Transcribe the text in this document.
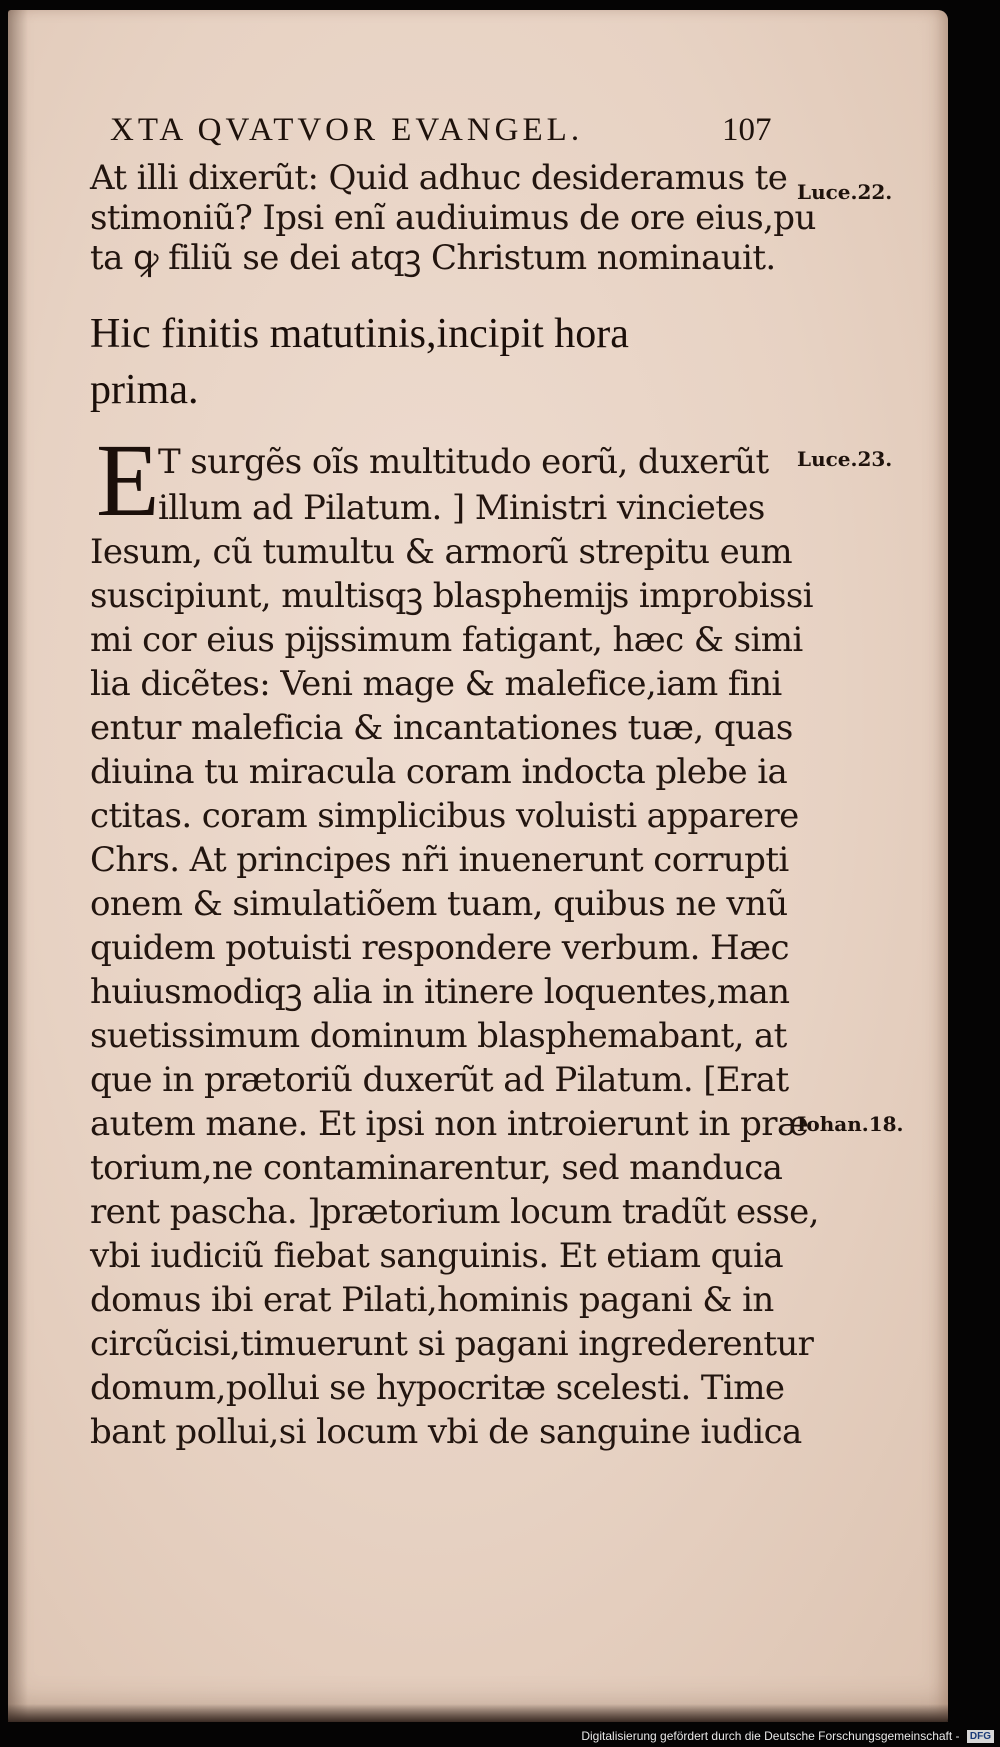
XTA QVATVOR EVANGEL.	107
At illi dixerũt: Quid adhuc desideramus te
stimoniũ? Ipsi enĩ audiuimus de ore eius,pu
ta ꝙ filiũ se dei atqꝫ Christum nominauit.
Hic finitis matutinis,incipit hora
prima.
E
T surgẽs oĩs multitudo eorũ, duxerũt
illum ad Pilatum. ] Ministri vincietes
Iesum, cũ tumultu & armorũ strepitu eum
suscipiunt, multisqꝫ blasphemĳs improbissi
mi cor eius pĳssimum fatigant, hæc & simi
lia dicẽtes: Veni mage & malefice,iam fini
entur maleficia & incantationes tuæ, quas
diuina tu miracula coram indocta plebe ia
ctitas. coram simplicibus voluisti apparere
Chrs. At principes nr̃i inuenerunt corrupti
onem & simulatiõem tuam, quibus ne vnũ
quidem potuisti respondere verbum. Hæc
huiusmodiqꝫ alia in itinere loquentes,man
suetissimum dominum blasphemabant, at
que in prætoriũ duxerũt ad Pilatum. [Erat
autem mane. Et ipsi non introierunt in præ
torium,ne contaminarentur, sed manduca
rent pascha. ]prætorium locum tradũt esse,
vbi iudiciũ fiebat sanguinis. Et etiam quia
domus ibi erat Pilati,hominis pagani & in
circũcisi,timuerunt si pagani ingrederentur
domum,pollui se hypocritæ scelesti. Time
bant pollui,si locum vbi de sanguine iudica
Luce.22.
Luce.23.
Iohan.18.
Digitalisierung gefördert durch die Deutsche Forschungsgemeinschaft - DFG
